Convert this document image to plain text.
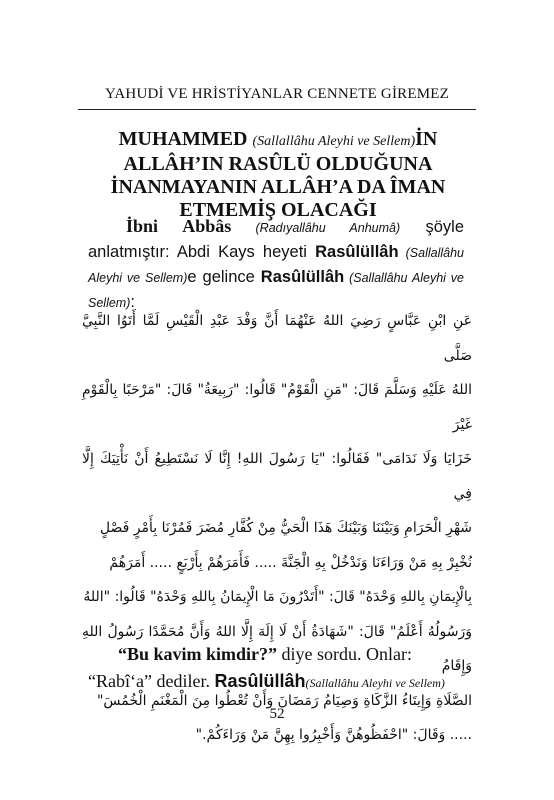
YAHUDİ VE HRİSTİYANLAR CENNETE GİREMEZ
MUHAMMED (Sallallâhu Aleyhi ve Sellem)İN ALLÂH’IN RASÛLÜ OLDUĞUNA İNANMAYANIN ALLÂH’A DA ÎMAN ETMEMİŞ OLACAĞI
İbni Abbâs (Radıyallâhu Anhumâ) şöyle anlatmıştır: Abdi Kays heyeti Rasûlüllâh (Sallallâhu Aleyhi ve Sellem)e gelince Rasûlüllâh (Sallallâhu Aleyhi ve Sellem):

عَنِ ابْنِ عَبَّاسٍ رَضِيَ اللهُ عَنْهُمَا أَنَّ وَفْدَ عَبْدِ الْقَيْسِ لَمَّا أَتَوُا النَّبِيَّ صَلَّى

اللهُ عَلَيْهِ وَسَلَّمَ قَالَ: "مَنِ الْقَوْمُ" قَالُوا: "رَبِيعَةُ" قَالَ: "مَرْحَبًا بِالْقَوْمِ غَيْرَ

خَزَايَا وَلَا نَدَامَى" فَقَالُوا: "يَا رَسُولَ اللهِ! إِنَّا لَا نَسْتَطِيعُ أَنْ نَأْتِيَكَ إِلَّا فِي

شَهْرِ الْحَرَامِ وَبَيْنَنَا وَبَيْنَكَ هَذَا الْحَيُّ مِنْ كُفَّارِ مُضَرَ فَمُرْنَا بِأَمْرٍ فَصْلٍ

نُخْبِرْ بِهِ مَنْ وَرَاءَنَا وَنَدْخُلْ بِهِ الْجَنَّةَ ..... فَأَمَرَهُمْ بِأَرْبَعٍ ..... أَمَرَهُمْ

بِالْإِيمَانِ بِاللهِ وَحْدَهُ" قَالَ: "أَتَدْرُونَ مَا الْإِيمَانُ بِاللهِ وَحْدَهُ" قَالُوا: "اللهُ

وَرَسُولُهُ أَعْلَمُ" قَالَ: "شَهَادَةُ أَنْ لَا إِلَهَ إِلَّا اللهُ وَأَنَّ مُحَمَّدًا رَسُولُ اللهِ وَإِقَامُ

الصَّلَاةِ وَإِيتَاءُ الزَّكَاةِ وَصِيَامُ رَمَضَانَ وَأَنْ تُعْطُوا مِنَ الْمَغْنَمِ الْخُمُسَ"

..... وَقَالَ: "احْفَظُوهُنَّ وَأَخْبِرُوا بِهِنَّ مَنْ وَرَاءَكُمْ."

“Bu kavim kimdir?” diye sordu. Onlar: “Rabî‘a” dediler. Rasûlüllâh(Sallallâhu Aleyhi ve Sellem)
52
